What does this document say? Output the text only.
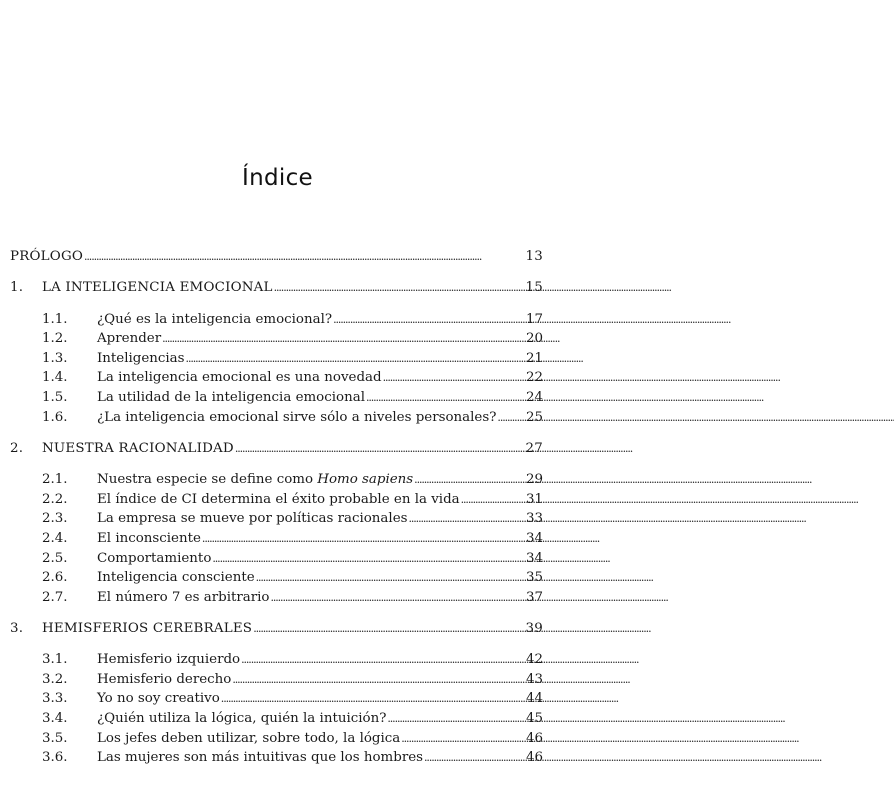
Índice
PRÓLOGO . . .	13
1.	LA INTELIGENCIA EMOCIONAL . . .	15
1.1.	¿Qué es la inteligencia emocional? . . .	17
1.2.	Aprender . . .	20
1.3.	Inteligencias . . .	21
1.4.	La inteligencia emocional es una novedad . . .	22
1.5.	La utilidad de la inteligencia emocional . . .	24
1.6.	¿La inteligencia emocional sirve sólo a niveles personales? . . .	25
2.	NUESTRA RACIONALIDAD . . .	27
2.1.	Nuestra especie se define como Homo sapiens . . .	29
2.2.	El índice de CI determina el éxito probable en la vida . . .	31
2.3.	La empresa se mueve por políticas racionales . . .	33
2.4.	El inconsciente . . .	34
2.5.	Comportamiento . . .	34
2.6.	Inteligencia consciente . . .	35
2.7.	El número 7 es arbitrario . . .	37
3.	HEMISFERIOS CEREBRALES . . .	39
3.1.	Hemisferio izquierdo . . .	42
3.2.	Hemisferio derecho . . .	43
3.3.	Yo no soy creativo . . .	44
3.4.	¿Quién utiliza la lógica, quién la intuición? . . .	45
3.5.	Los jefes deben utilizar, sobre todo, la lógica . . .	46
3.6.	Las mujeres son más intuitivas que los hombres . . .	46
